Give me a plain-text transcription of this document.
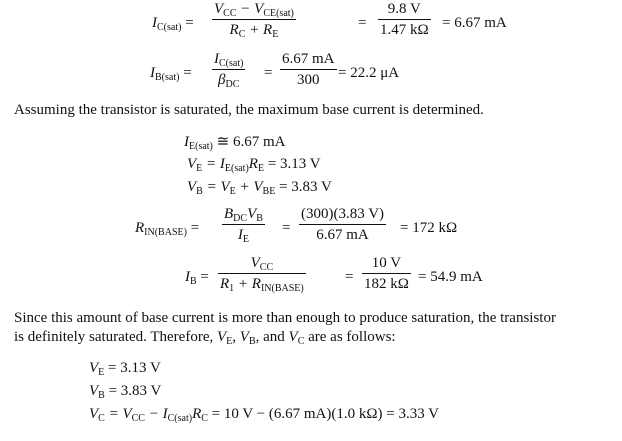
$I_{C(sat)}$ =
$V_{CC} - V_{CE(sat)}$
$R_C + R_E$
=
9.8 V
1.47 kΩ = 6.67 mA
$I_{B(sat)}$ =
$I_{C(sat)}$
$\beta_{DC}$
=
6.67 mA
300 = 22.2 μA
Assuming the transistor is saturated, the maximum base current is determined.
$I_{E(sat)}$ ≅ 6.67 mA
$V_E = I_{E(sat)}R_E = 3.13$ V
$V_B = V_E + V_{BE} = 3.83$ V
$R_{IN(BASE)}$ =
$B_{DC}V_B$
$I_E$
=
(300)(3.83 V)
6.67 mA = 172 kΩ
$I_B$ =
$V_{CC}$
$R_1 + R_{IN(BASE)}$
=
10 V
182 kΩ = 54.9 mA
Since this amount of base current is more than enough to produce saturation, the transistor
is definitely saturated. Therefore, $V_E$, $V_B$, and $V_C$ are as follows:
$V_E = 3.13$ V
$V_B = 3.83$ V
$V_C = V_{CC} - I_{C(sat)}R_C = 10$ V − (6.67 mA)(1.0 kΩ) = 3.33 V
